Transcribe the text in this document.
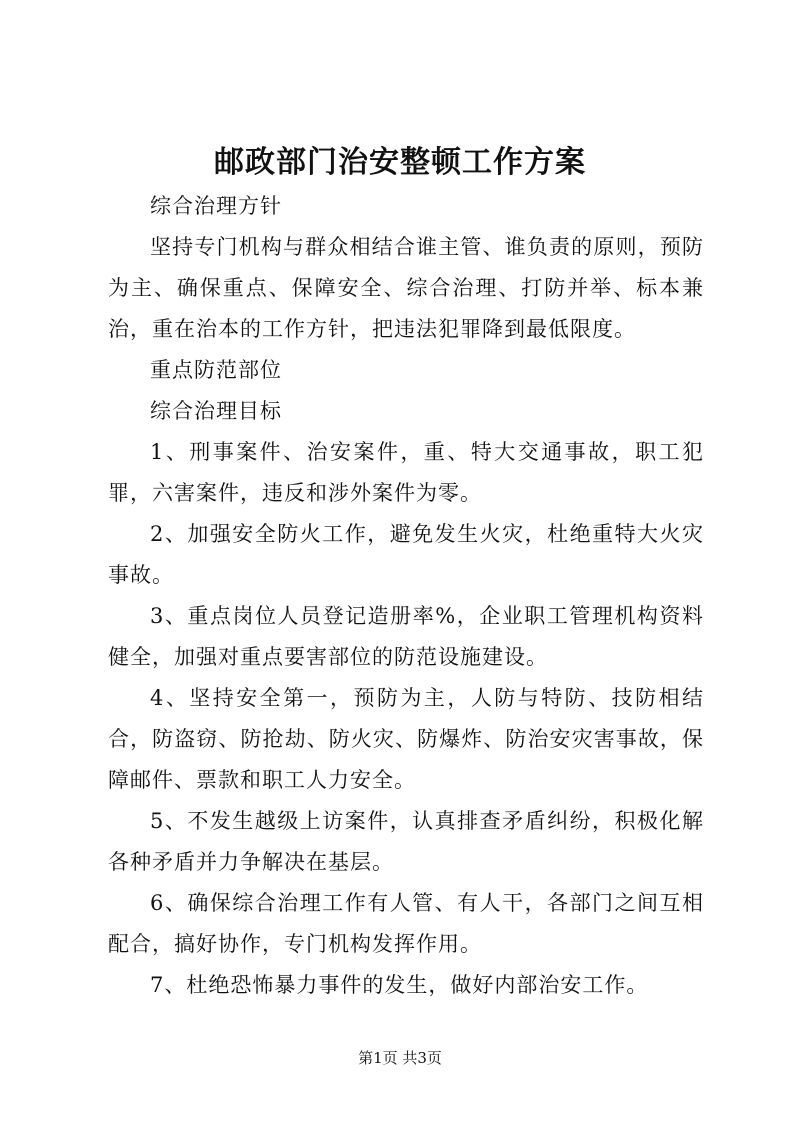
邮政部门治安整顿工作方案

综合治理方针

坚持专门机构与群众相结合谁主管、谁负责的原则，预防为主、确保重点、保障安全、综合治理、打防并举、标本兼治，重在治本的工作方针，把违法犯罪降到最低限度。

重点防范部位

综合治理目标

1、刑事案件、治安案件，重、特大交通事故，职工犯罪，六害案件，违反和涉外案件为零。

2、加强安全防火工作，避免发生火灾，杜绝重特大火灾事故。

3、重点岗位人员登记造册率%，企业职工管理机构资料健全，加强对重点要害部位的防范设施建设。

4、坚持安全第一，预防为主，人防与特防、技防相结合，防盗窃、防抢劫、防火灾、防爆炸、防治安灾害事故，保障邮件、票款和职工人力安全。

5、不发生越级上访案件，认真排查矛盾纠纷，积极化解各种矛盾并力争解决在基层。

6、确保综合治理工作有人管、有人干，各部门之间互相配合，搞好协作，专门机构发挥作用。

7、杜绝恐怖暴力事件的发生，做好内部治安工作。

第1页 共3页
